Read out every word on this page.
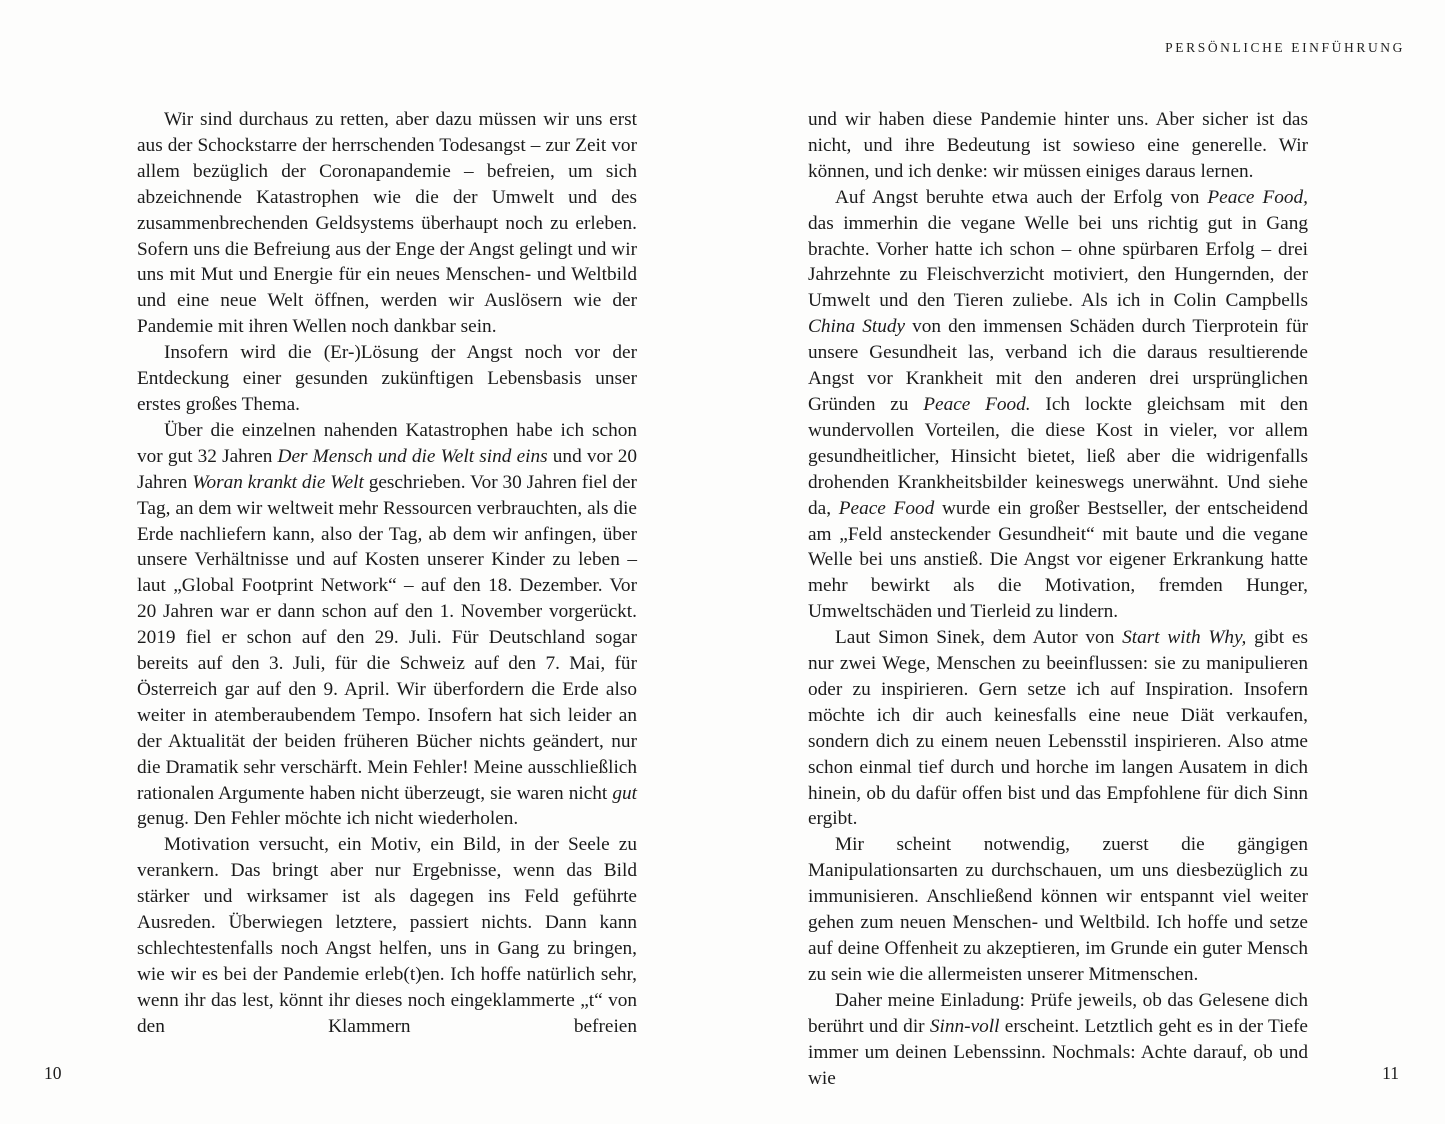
PERSÖNLICHE EINFÜHRUNG

Wir sind durchaus zu retten, aber dazu müssen wir uns erst aus der Schockstarre der herrschenden Todesangst – zur Zeit vor allem bezüglich der Coronapandemie – befreien, um sich abzeichnende Katastrophen wie die der Umwelt und des zusammenbrechenden Geldsystems überhaupt noch zu erleben. Sofern uns die Befreiung aus der Enge der Angst gelingt und wir uns mit Mut und Energie für ein neues Menschen- und Weltbild und eine neue Welt öffnen, werden wir Auslösern wie der Pandemie mit ihren Wellen noch dankbar sein.

Insofern wird die (Er-)Lösung der Angst noch vor der Entdeckung einer gesunden zukünftigen Lebensbasis unser erstes großes Thema.

Über die einzelnen nahenden Katastrophen habe ich schon vor gut 32 Jahren Der Mensch und die Welt sind eins und vor 20 Jahren Woran krankt die Welt geschrieben. Vor 30 Jahren fiel der Tag, an dem wir weltweit mehr Ressourcen verbrauchten, als die Erde nachliefern kann, also der Tag, ab dem wir anfingen, über unsere Verhältnisse und auf Kosten unserer Kinder zu leben – laut „Global Footprint Network“ – auf den 18. Dezember. Vor 20 Jahren war er dann schon auf den 1. November vorgerückt. 2019 fiel er schon auf den 29. Juli. Für Deutschland sogar bereits auf den 3. Juli, für die Schweiz auf den 7. Mai, für Österreich gar auf den 9. April. Wir überfordern die Erde also weiter in atemberaubendem Tempo. Insofern hat sich leider an der Aktualität der beiden früheren Bücher nichts geändert, nur die Dramatik sehr verschärft. Mein Fehler! Meine ausschließlich rationalen Argumente haben nicht überzeugt, sie waren nicht gut genug. Den Fehler möchte ich nicht wiederholen.

Motivation versucht, ein Motiv, ein Bild, in der Seele zu verankern. Das bringt aber nur Ergebnisse, wenn das Bild stärker und wirksamer ist als dagegen ins Feld geführte Ausreden. Überwiegen letztere, passiert nichts. Dann kann schlechtestenfalls noch Angst helfen, uns in Gang zu bringen, wie wir es bei der Pandemie erleb(t)en. Ich hoffe natürlich sehr, wenn ihr das lest, könnt ihr dieses noch eingeklammerte „t“ von den Klammern befreien

und wir haben diese Pandemie hinter uns. Aber sicher ist das nicht, und ihre Bedeutung ist sowieso eine generelle. Wir können, und ich denke: wir müssen einiges daraus lernen.

Auf Angst beruhte etwa auch der Erfolg von Peace Food, das immerhin die vegane Welle bei uns richtig gut in Gang brachte. Vorher hatte ich schon – ohne spürbaren Erfolg – drei Jahrzehnte zu Fleischverzicht motiviert, den Hungernden, der Umwelt und den Tieren zuliebe. Als ich in Colin Campbells China Study von den immensen Schäden durch Tierprotein für unsere Gesundheit las, verband ich die daraus resultierende Angst vor Krankheit mit den anderen drei ursprünglichen Gründen zu Peace Food. Ich lockte gleichsam mit den wundervollen Vorteilen, die diese Kost in vieler, vor allem gesundheitlicher, Hinsicht bietet, ließ aber die widrigenfalls drohenden Krankheitsbilder keineswegs unerwähnt. Und siehe da, Peace Food wurde ein großer Bestseller, der entscheidend am „Feld ansteckender Gesundheit“ mit baute und die vegane Welle bei uns anstieß. Die Angst vor eigener Erkrankung hatte mehr bewirkt als die Motivation, fremden Hunger, Umweltschäden und Tierleid zu lindern.

Laut Simon Sinek, dem Autor von Start with Why, gibt es nur zwei Wege, Menschen zu beeinflussen: sie zu manipulieren oder zu inspirieren. Gern setze ich auf Inspiration. Insofern möchte ich dir auch keinesfalls eine neue Diät verkaufen, sondern dich zu einem neuen Lebensstil inspirieren. Also atme schon einmal tief durch und horche im langen Ausatem in dich hinein, ob du dafür offen bist und das Empfohlene für dich Sinn ergibt.

Mir scheint notwendig, zuerst die gängigen Manipulationsarten zu durchschauen, um uns diesbezüglich zu immunisieren. Anschließend können wir entspannt viel weiter gehen zum neuen Menschen- und Weltbild. Ich hoffe und setze auf deine Offenheit zu akzeptieren, im Grunde ein guter Mensch zu sein wie die allermeisten unserer Mitmenschen.

Daher meine Einladung: Prüfe jeweils, ob das Gelesene dich berührt und dir Sinn-voll erscheint. Letztlich geht es in der Tiefe immer um deinen Lebenssinn. Nochmals: Achte darauf, ob und wie

10	11
